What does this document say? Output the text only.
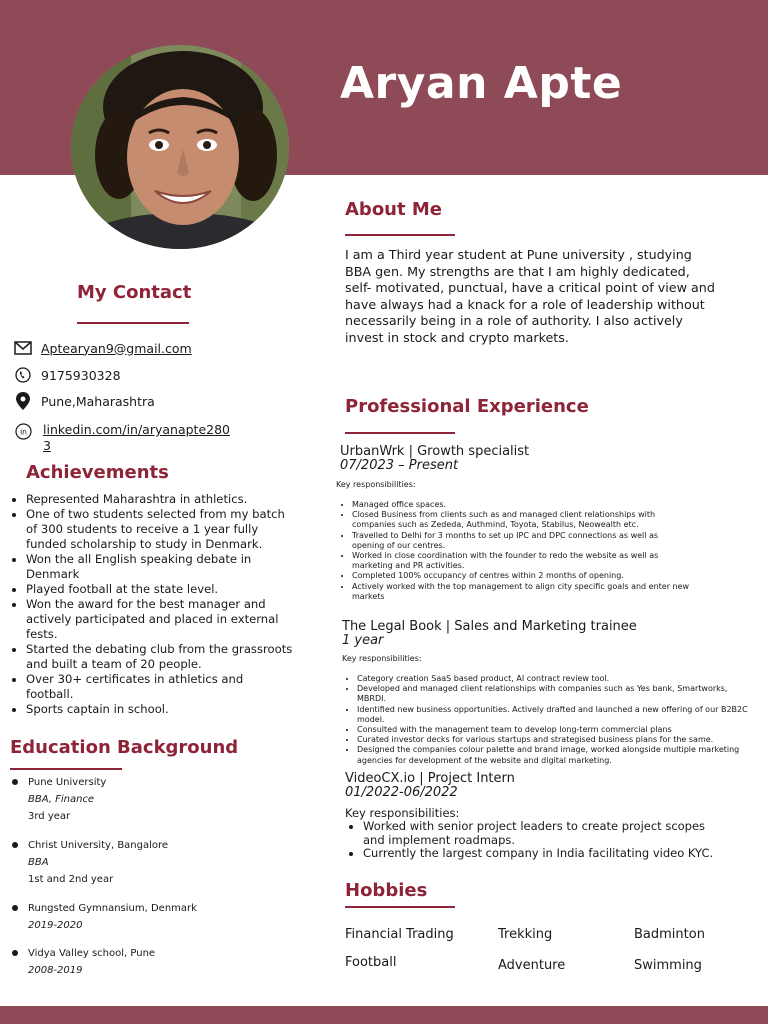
Aryan Apte
About Me
I am a Third year student at Pune university , studying BBA gen. My strengths are that I am highly dedicated, self- motivated, punctual, have a critical point of view and have always had a knack for a role of leadership without necessarily being in a role of authority. I also actively invest in stock and crypto markets.
My Contact
Aptearyan9@gmail.com
9175930328
Pune,Maharashtra
in linkedin.com/in/aryanapte280
3
Achievements
• Represented Maharashtra in athletics.
• One of two students selected from my batch of 300 students to receive a 1 year fully funded scholarship to study in Denmark.
• Won the all English speaking debate in Denmark
• Played football at the state level.
• Won the award for the best manager and actively participated and placed in external fests.
• Started the debating club from the grassroots and built a team of 20 people.
• Over 30+ certificates in athletics and football.
• Sports captain in school.
Education Background
Pune University
BBA, Finance
3rd year
Christ University, Bangalore
BBA
1st and 2nd year
Rungsted Gymnansium, Denmark
2019-2020
Vidya Valley school, Pune
2008-2019
Professional Experience
UrbanWrk | Growth specialist
07/2023 – Present
Key responsibilities:
• Managed office spaces.
• Closed Business from clients such as and managed client relationships with companies such as Zededa, Authmind, Toyota, Stabilus, Neowealth etc.
• Travelled to Delhi for 3 months to set up IPC and DPC connections as well as opening of our centres.
• Worked in close coordination with the founder to redo the website as well as marketing and PR activities.
• Completed 100% occupancy of centres within 2 months of opening.
• Actively worked with the top management to align city specific goals and enter new markets
The Legal Book | Sales and Marketing trainee
1 year
Key responsibilities:
• Category creation SaaS based product, AI contract review tool.
• Developed and managed client relationships with companies such as Yes bank, Smartworks, MBRDI.
• Identified new business opportunities. Actively drafted and launched a new offering of our B2B2C model.
• Consulted with the management team to develop long-term commercial plans
• Curated investor decks for various startups and strategised business plans for the same.
• Designed the companies colour palette and brand image, worked alongside multiple marketing agencies for development of the website and digital marketing.
VideoCX.io | Project Intern
01/2022-06/2022
Key responsibilities:
• Worked with senior project leaders to create project scopes and implement roadmaps.
• Currently the largest company in India facilitating video KYC.
Hobbies
Financial Trading	Trekking	Badminton
Football	Adventure	Swimming
